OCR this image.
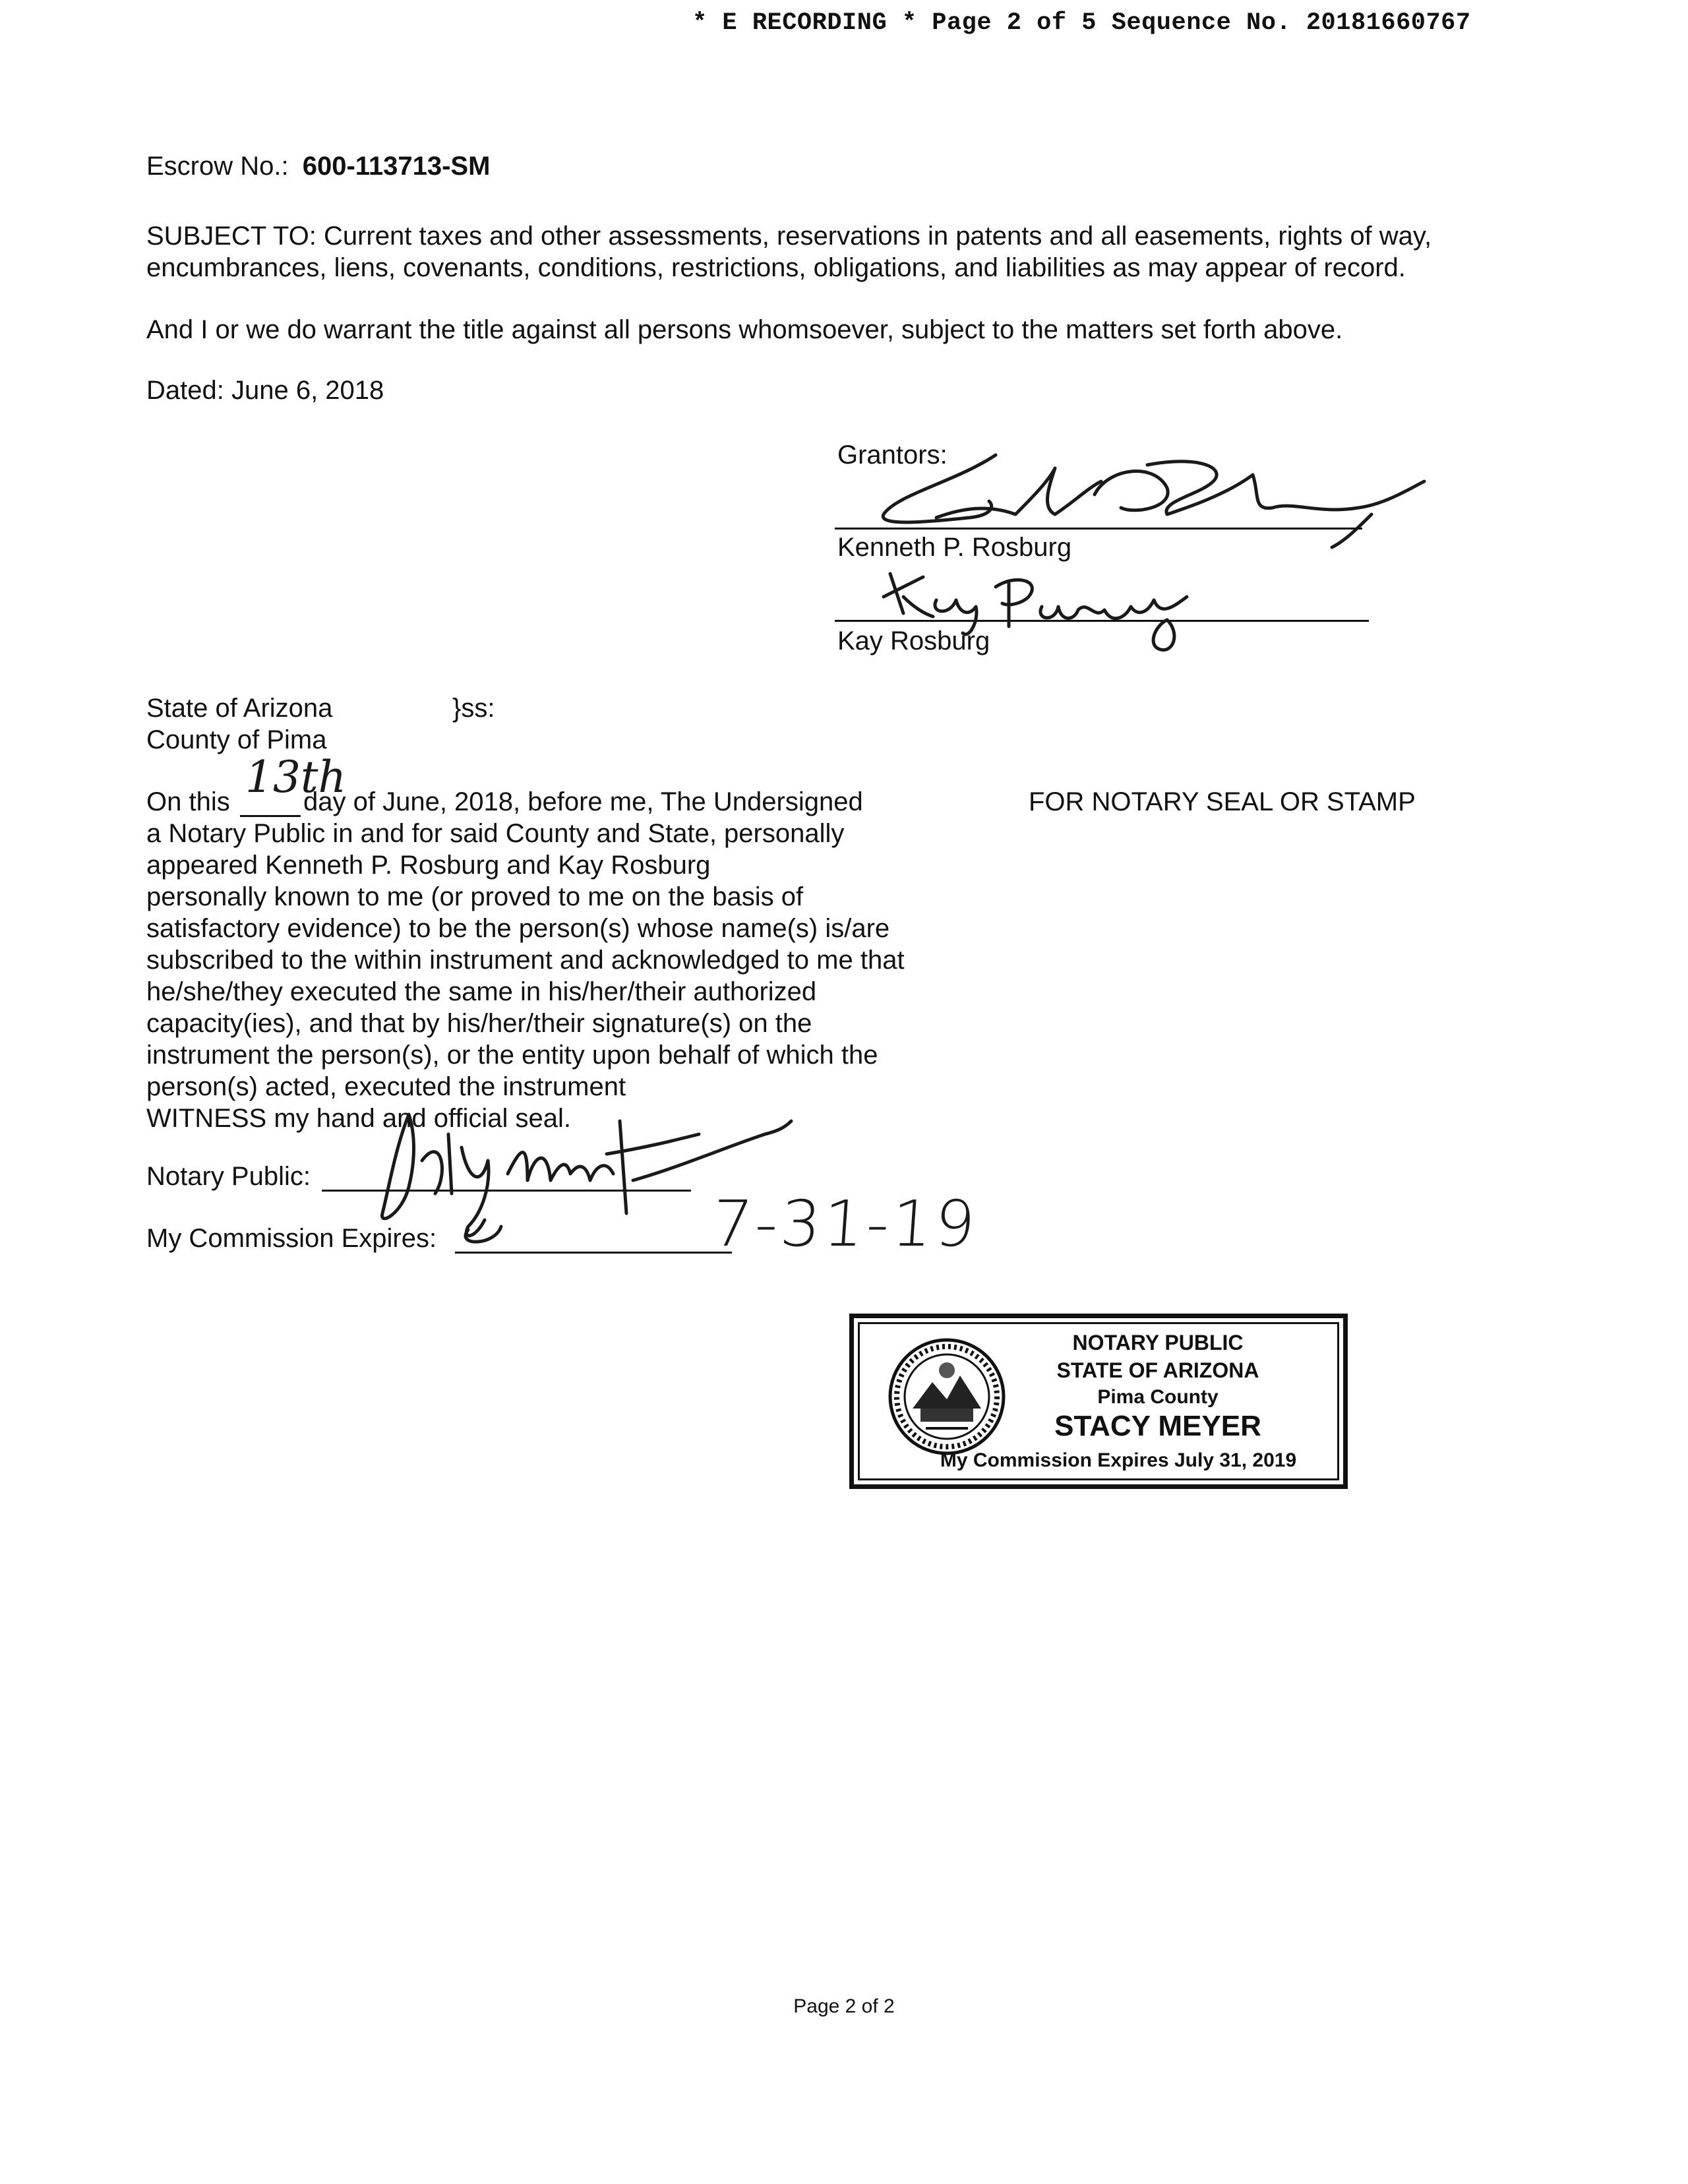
* E RECORDING * Page 2 of 5 Sequence No. 20181660767
Escrow No.: 600-113713-SM
SUBJECT TO: Current taxes and other assessments, reservations in patents and all easements, rights of way, encumbrances, liens, covenants, conditions, restrictions, obligations, and liabilities as may appear of record.
And I or we do warrant the title against all persons whomsoever, subject to the matters set forth above.
Dated: June 6, 2018
Grantors:
Kenneth P. Rosburg
Kay Rosburg
State of Arizona	}ss:
County of Pima
On this 13th
day of June, 2018, before me, The Undersigned
a Notary Public in and for said County and State, personally
appeared Kenneth P. Rosburg and Kay Rosburg
personally known to me (or proved to me on the basis of
satisfactory evidence) to be the person(s) whose name(s) is/are
subscribed to the within instrument and acknowledged to me that
he/she/they executed the same in his/her/their authorized
capacity(ies), and that by his/her/their signature(s) on the
instrument the person(s), or the entity upon behalf of which the
person(s) acted, executed the instrument
WITNESS my hand and official seal.
Notary Public:
My Commission Expires:	7-31-19
FOR NOTARY SEAL OR STAMP
NOTARY PUBLIC
STATE OF ARIZONA
Pima County
STACY MEYER
My Commission Expires July 31, 2019
Page 2 of 2
